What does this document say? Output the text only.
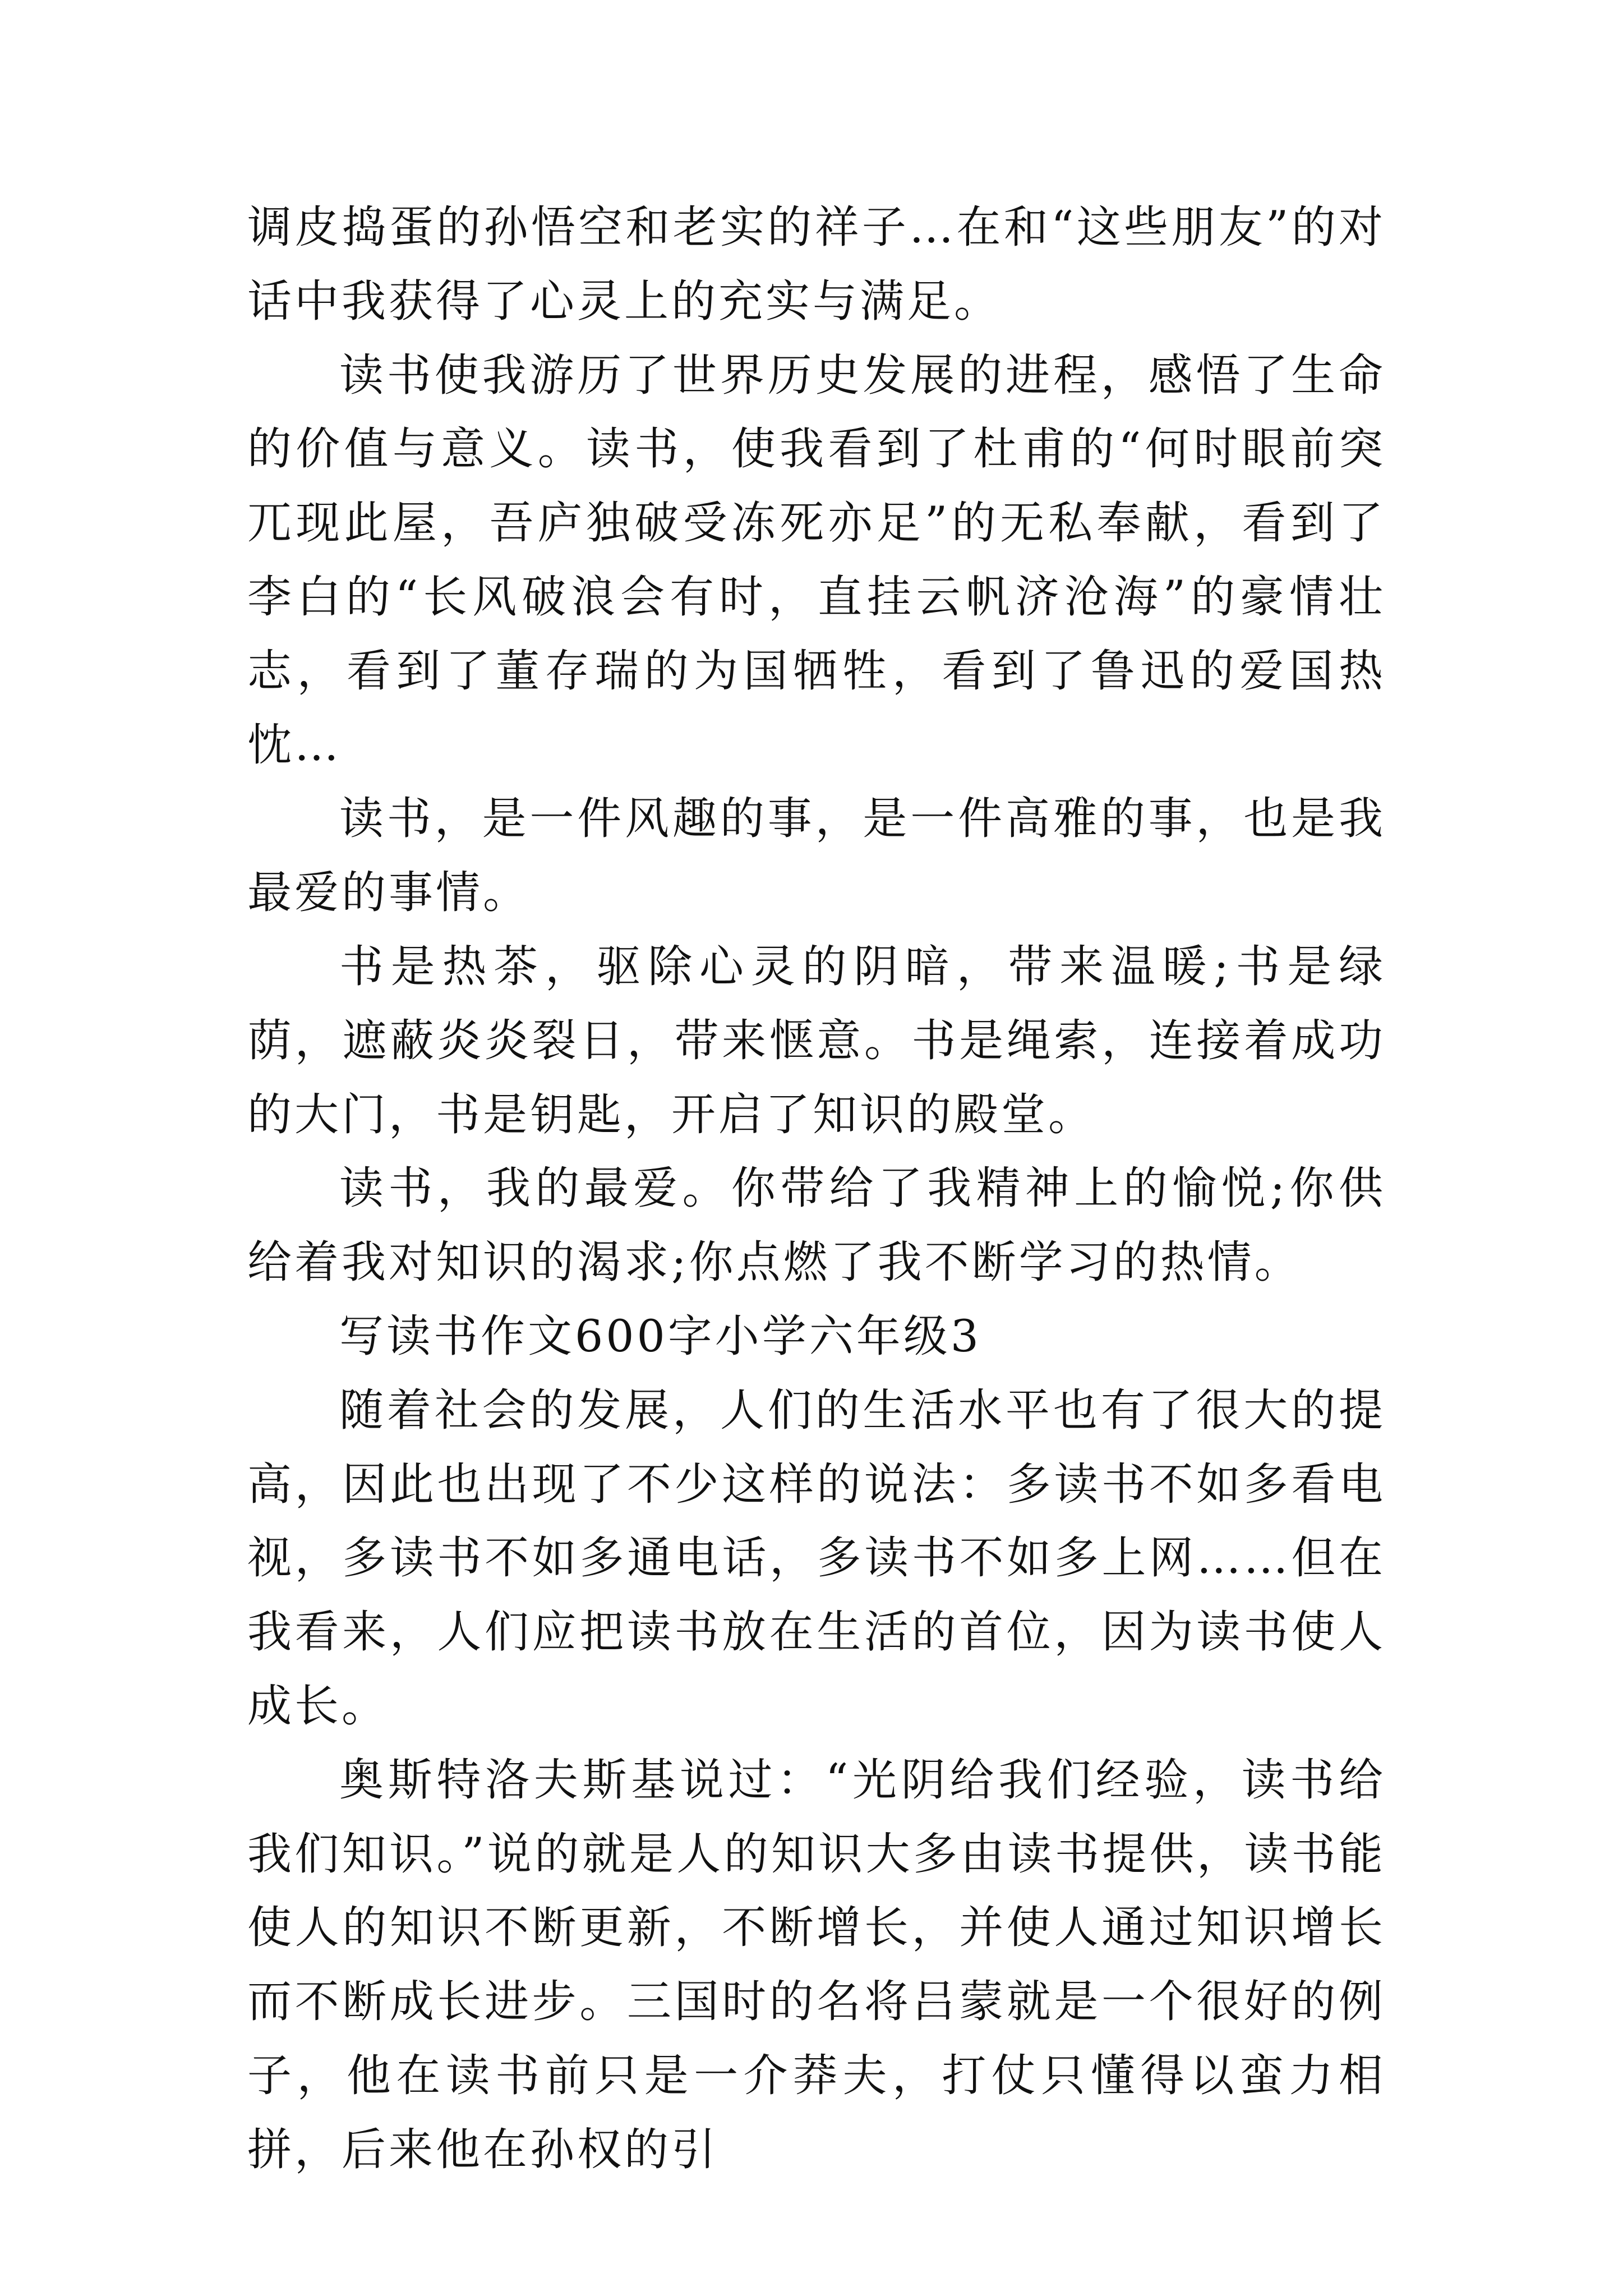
调皮捣蛋的孙悟空和老实的祥子…在和“这些朋友”的对话中我获得了心灵上的充实与满足。

读书使我游历了世界历史发展的进程，感悟了生命的价值与意义。读书，使我看到了杜甫的“何时眼前突兀现此屋，吾庐独破受冻死亦足”的无私奉献，看到了李白的“长风破浪会有时，直挂云帆济沧海”的豪情壮志，看到了董存瑞的为国牺牲，看到了鲁迅的爱国热忱…

读书，是一件风趣的事，是一件高雅的事，也是我最爱的事情。

书是热茶，驱除心灵的阴暗，带来温暖;书是绿荫，遮蔽炎炎裂日，带来惬意。书是绳索，连接着成功的大门，书是钥匙，开启了知识的殿堂。

读书，我的最爱。你带给了我精神上的愉悦;你供给着我对知识的渴求;你点燃了我不断学习的热情。

写读书作文600字小学六年级3

随着社会的发展，人们的生活水平也有了很大的提高，因此也出现了不少这样的说法：多读书不如多看电视，多读书不如多通电话，多读书不如多上网……但在我看来，人们应把读书放在生活的首位，因为读书使人成长。

奥斯特洛夫斯基说过：“光阴给我们经验，读书给我们知识。”说的就是人的知识大多由读书提供，读书能使人的知识不断更新，不断增长，并使人通过知识增长而不断成长进步。三国时的名将吕蒙就是一个很好的例子，他在读书前只是一介莽夫，打仗只懂得以蛮力相拼，后来他在孙权的引
